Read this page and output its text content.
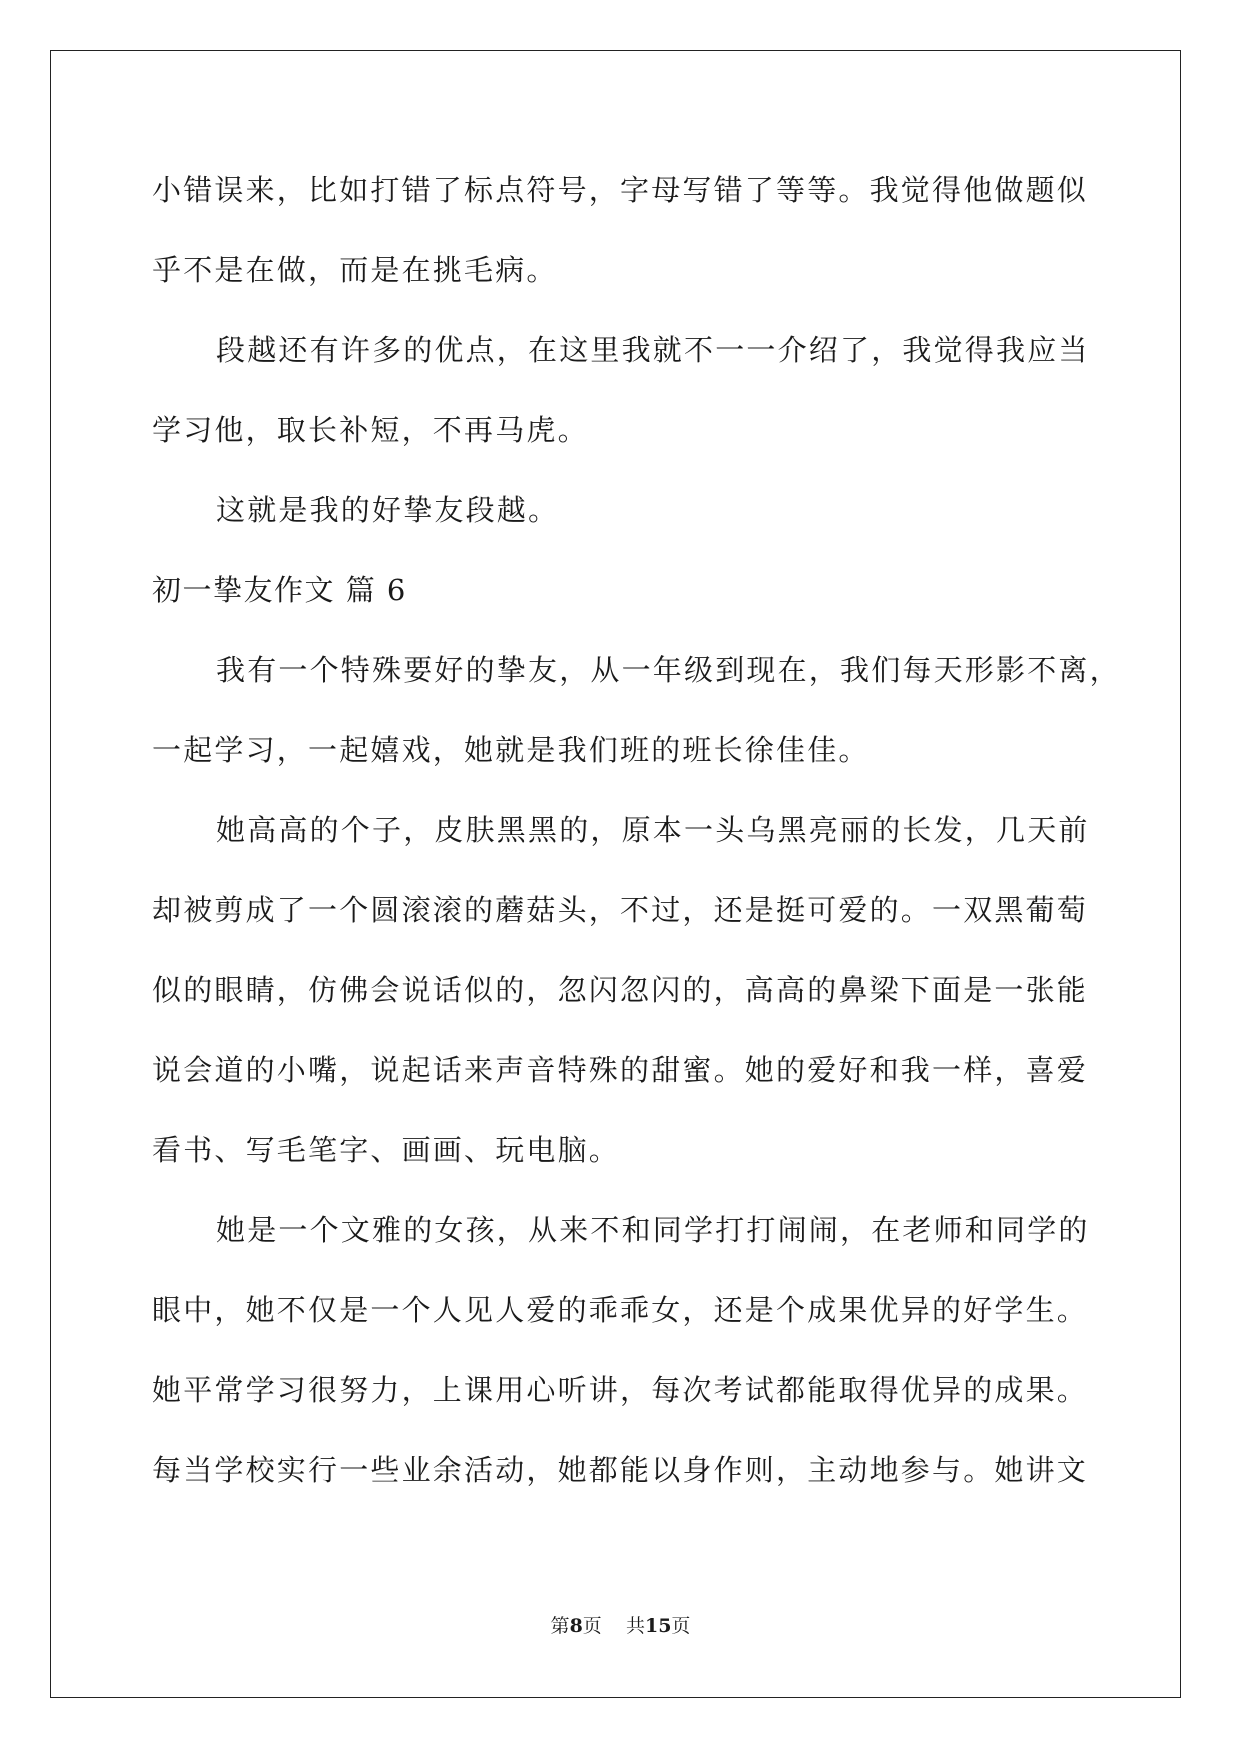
小错误来，比如打错了标点符号，字母写错了等等。我觉得他做题似
乎不是在做，而是在挑毛病。
段越还有许多的优点，在这里我就不一一介绍了，我觉得我应当
学习他，取长补短，不再马虎。
这就是我的好挚友段越。
初一挚友作文 篇 6
我有一个特殊要好的挚友，从一年级到现在，我们每天形影不离，
一起学习，一起嬉戏，她就是我们班的班长徐佳佳。
她高高的个子，皮肤黑黑的，原本一头乌黑亮丽的长发，几天前
却被剪成了一个圆滚滚的蘑菇头，不过，还是挺可爱的。一双黑葡萄
似的眼睛，仿佛会说话似的，忽闪忽闪的，高高的鼻梁下面是一张能
说会道的小嘴，说起话来声音特殊的甜蜜。她的爱好和我一样，喜爱
看书、写毛笔字、画画、玩电脑。
她是一个文雅的女孩，从来不和同学打打闹闹，在老师和同学的
眼中，她不仅是一个人见人爱的乖乖女，还是个成果优异的好学生。
她平常学习很努力，上课用心听讲，每次考试都能取得优异的成果。
每当学校实行一些业余活动，她都能以身作则，主动地参与。她讲文
第8页    共15页
